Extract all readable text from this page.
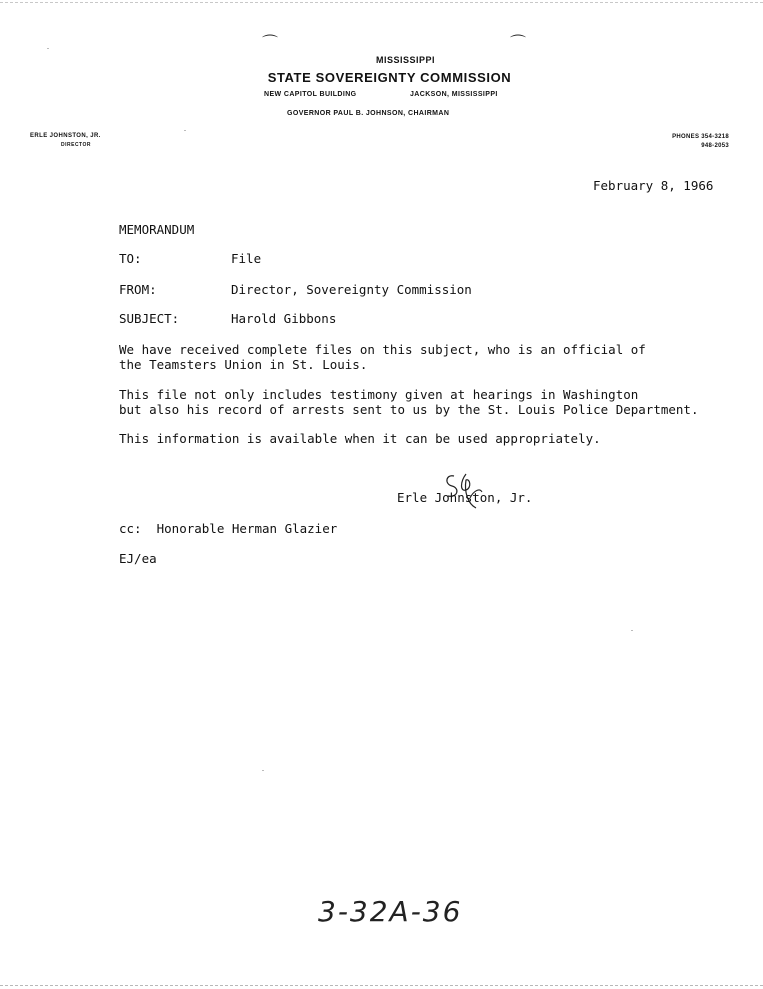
⌒	⌒
MISSISSIPPI
STATE SOVEREIGNTY COMMISSION
NEW CAPITOL BUILDING	JACKSON, MISSISSIPPI
GOVERNOR PAUL B. JOHNSON, CHAIRMAN
ERLE JOHNSTON, JR.
DIRECTOR
PHONES 354-3218
948-2053
February 8, 1966
MEMORANDUM
TO:	File
FROM:	Director, Sovereignty Commission
SUBJECT:	Harold Gibbons
We have received complete files on this subject, who is an official of
the Teamsters Union in St. Louis.
This file not only includes testimony given at hearings in Washington
but also his record of arrests sent to us by the St. Louis Police Department.
This information is available when it can be used appropriately.
Erle Johnston, Jr.
cc:  Honorable Herman Glazier
EJ/ea
3-32A-36
